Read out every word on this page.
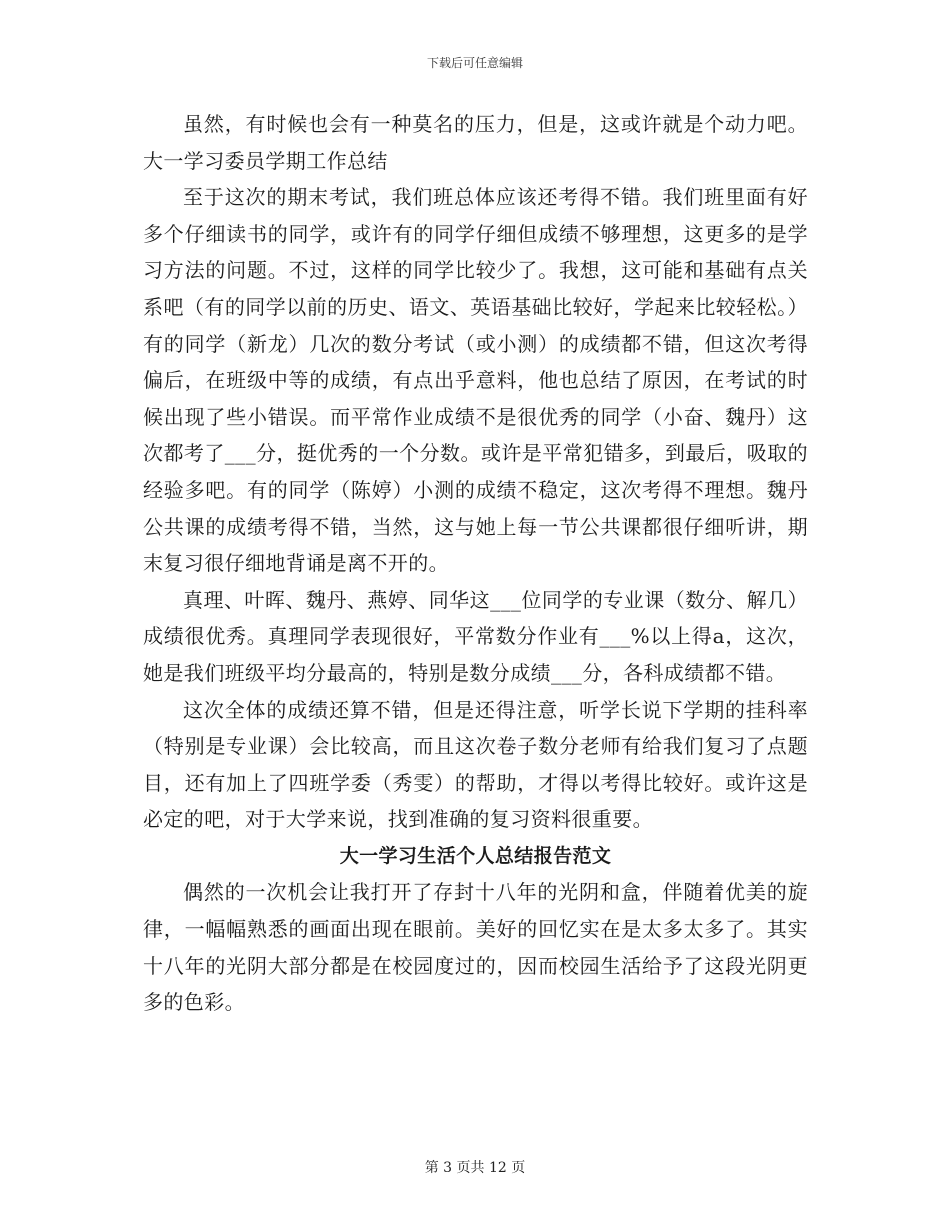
下载后可任意编辑

虽然，有时候也会有一种莫名的压力，但是，这或许就是个动力吧。大一学习委员学期工作总结

至于这次的期末考试，我们班总体应该还考得不错。我们班里面有好多个仔细读书的同学，或许有的同学仔细但成绩不够理想，这更多的是学习方法的问题。不过，这样的同学比较少了。我想，这可能和基础有点关系吧（有的同学以前的历史、语文、英语基础比较好，学起来比较轻松。）有的同学（新龙）几次的数分考试（或小测）的成绩都不错，但这次考得偏后，在班级中等的成绩，有点出乎意料，他也总结了原因，在考试的时候出现了些小错误。而平常作业成绩不是很优秀的同学（小奋、魏丹）这次都考了___分，挺优秀的一个分数。或许是平常犯错多，到最后，吸取的经验多吧。有的同学（陈婷）小测的成绩不稳定，这次考得不理想。魏丹公共课的成绩考得不错，当然，这与她上每一节公共课都很仔细听讲，期末复习很仔细地背诵是离不开的。

真理、叶晖、魏丹、燕婷、同华这___位同学的专业课（数分、解几）成绩很优秀。真理同学表现很好，平常数分作业有___%以上得a，这次，她是我们班级平均分最高的，特别是数分成绩___分，各科成绩都不错。

这次全体的成绩还算不错，但是还得注意，听学长说下学期的挂科率（特别是专业课）会比较高，而且这次卷子数分老师有给我们复习了点题目，还有加上了四班学委（秀雯）的帮助，才得以考得比较好。或许这是必定的吧，对于大学来说，找到准确的复习资料很重要。

大一学习生活个人总结报告范文

偶然的一次机会让我打开了存封十八年的光阴和盒，伴随着优美的旋律，一幅幅熟悉的画面出现在眼前。美好的回忆实在是太多太多了。其实十八年的光阴大部分都是在校园度过的，因而校园生活给予了这段光阴更多的色彩。

第 3 页共 12 页
